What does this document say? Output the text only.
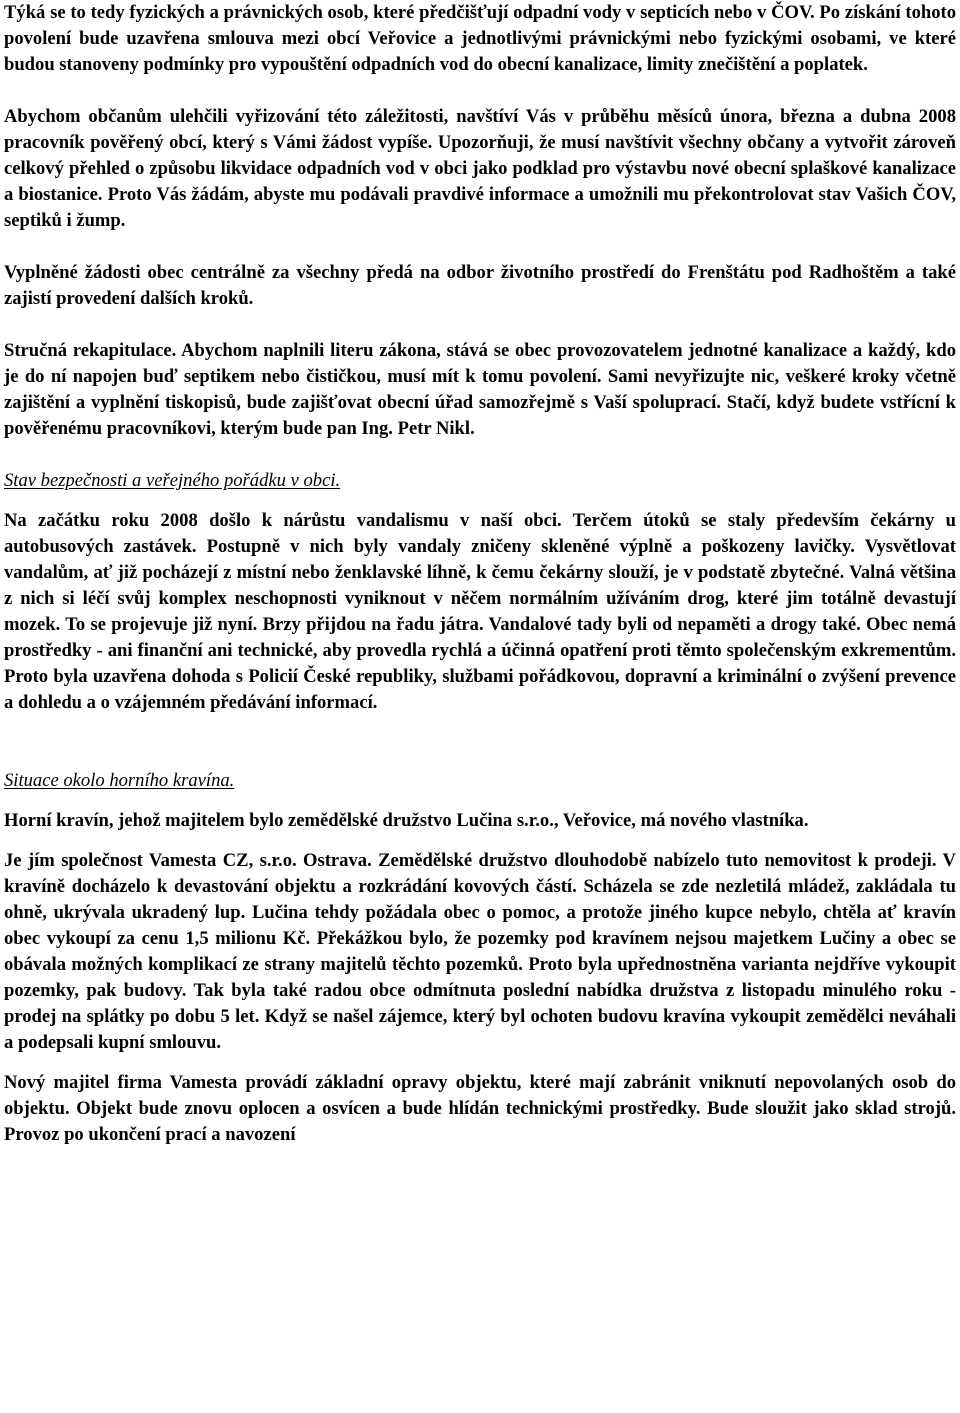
Týká se to tedy fyzických a právnických osob, které předčišťují odpadní vody v septicích nebo v ČOV. Po získání tohoto povolení bude uzavřena smlouva mezi obcí Veřovice a jednotlivými právnickými nebo fyzickými osobami, ve které budou stanoveny podmínky pro vypouštění odpadních vod do obecní kanalizace, limity znečištění a poplatek.

Abychom občanům ulehčili vyřizování této záležitosti, navštíví Vás v průběhu měsíců února, března a dubna 2008 pracovník pověřený obcí, který s Vámi žádost vypíše. Upozorňuji, že musí navštívit všechny občany a vytvořit zároveň celkový přehled o způsobu likvidace odpadních vod v obci jako podklad pro výstavbu nové obecní splaškové kanalizace a biostanice. Proto Vás žádám, abyste mu podávali pravdivé informace a umožnili mu překontrolovat stav Vašich ČOV, septiků i žump.

Vyplněné žádosti obec centrálně za všechny předá na odbor životního prostředí do Frenštátu pod Radhoštěm a také zajistí provedení dalších kroků.

Stručná rekapitulace. Abychom naplnili literu zákona, stává se obec provozovatelem jednotné kanalizace a každý, kdo je do ní napojen buď septikem nebo čističkou, musí mít k tomu povolení. Sami nevyřizujte nic, veškeré kroky včetně zajištění a vyplnění tiskopisů, bude zajišťovat obecní úřad samozřejmě s Vaší spoluprací. Stačí, když budete vstřícní k pověřenému pracovníkovi, kterým bude pan Ing. Petr Nikl.

Stav bezpečnosti a veřejného pořádku v obci.

Na začátku roku 2008 došlo k nárůstu vandalismu v naší obci. Terčem útoků se staly především čekárny u autobusových zastávek. Postupně v nich byly vandaly zničeny skleněné výplně a poškozeny lavičky. Vysvětlovat vandalům, ať již pocházejí z místní nebo ženklavské líhně, k čemu čekárny slouží, je v podstatě zbytečné. Valná většina z nich si léčí svůj komplex neschopnosti vyniknout v něčem normálním užíváním drog, které jim totálně devastují mozek. To se projevuje již nyní. Brzy přijdou na řadu játra. Vandalové tady byli od nepaměti a drogy také. Obec nemá prostředky - ani finanční ani technické, aby provedla rychlá a účinná opatření proti těmto společenským exkrementům. Proto byla uzavřena dohoda s Policií České republiky, službami pořádkovou, dopravní a kriminální o zvýšení prevence a dohledu a o vzájemném předávání informací.

Situace okolo horního kravína.

Horní kravín, jehož majitelem bylo zemědělské družstvo Lučina s.r.o., Veřovice, má nového vlastníka.

Je jím společnost Vamesta CZ, s.r.o. Ostrava. Zemědělské družstvo dlouhodobě nabízelo tuto nemovitost k prodeji. V kravíně docházelo k devastování objektu a rozkrádání kovových částí. Scházela se zde nezletilá mládež, zakládala tu ohně, ukrývala ukradený lup. Lučina tehdy požádala obec o pomoc, a protože jiného kupce nebylo, chtěla ať kravín obec vykoupí za cenu 1,5 milionu Kč. Překážkou bylo, že pozemky pod kravínem nejsou majetkem Lučiny a obec se obávala možných komplikací ze strany majitelů těchto pozemků. Proto byla upřednostněna varianta nejdříve vykoupit pozemky, pak budovy. Tak byla také radou obce odmítnuta poslední nabídka družstva z listopadu minulého roku - prodej na splátky po dobu 5 let. Když se našel zájemce, který byl ochoten budovu kravína vykoupit zemědělci neváhali a podepsali kupní smlouvu.

Nový majitel firma Vamesta provádí základní opravy objektu, které mají zabránit vniknutí nepovolaných osob do objektu. Objekt bude znovu oplocen a osvícen a bude hlídán technickými prostředky. Bude sloužit jako sklad strojů. Provoz po ukončení prací a navození
